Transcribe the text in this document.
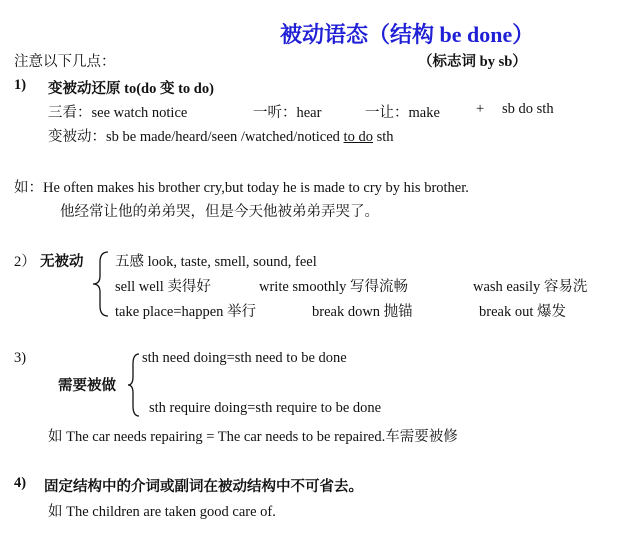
被动语态（结构 be done）
注意以下几点：	（标志词 by sb）
1) 变被动还原 to(do 变 to do)
三看：see watch notice	一听：hear	一让：make + sb do sth
变被动：sb be made/heard/seen /watched/noticed to do sth
如：He often makes his brother cry,but today he is made to cry by his brother.
他经常让他的弟弟哭，但是今天他被弟弟弄哭了。
2） 无被动 五感 look, taste, smell, sound, feel
sell well 卖得好	write smoothly 写得流畅	wash easily 容易洗
take place=happen 举行	break down 抛锚	break out 爆发
3)
需要被做
sth need doing=sth need to be done
sth require doing=sth require to be done
如 The car needs repairing = The car needs to be repaired.车需要被修
4) 固定结构中的介词或副词在被动结构中不可省去。
如 The children are taken good care of.
